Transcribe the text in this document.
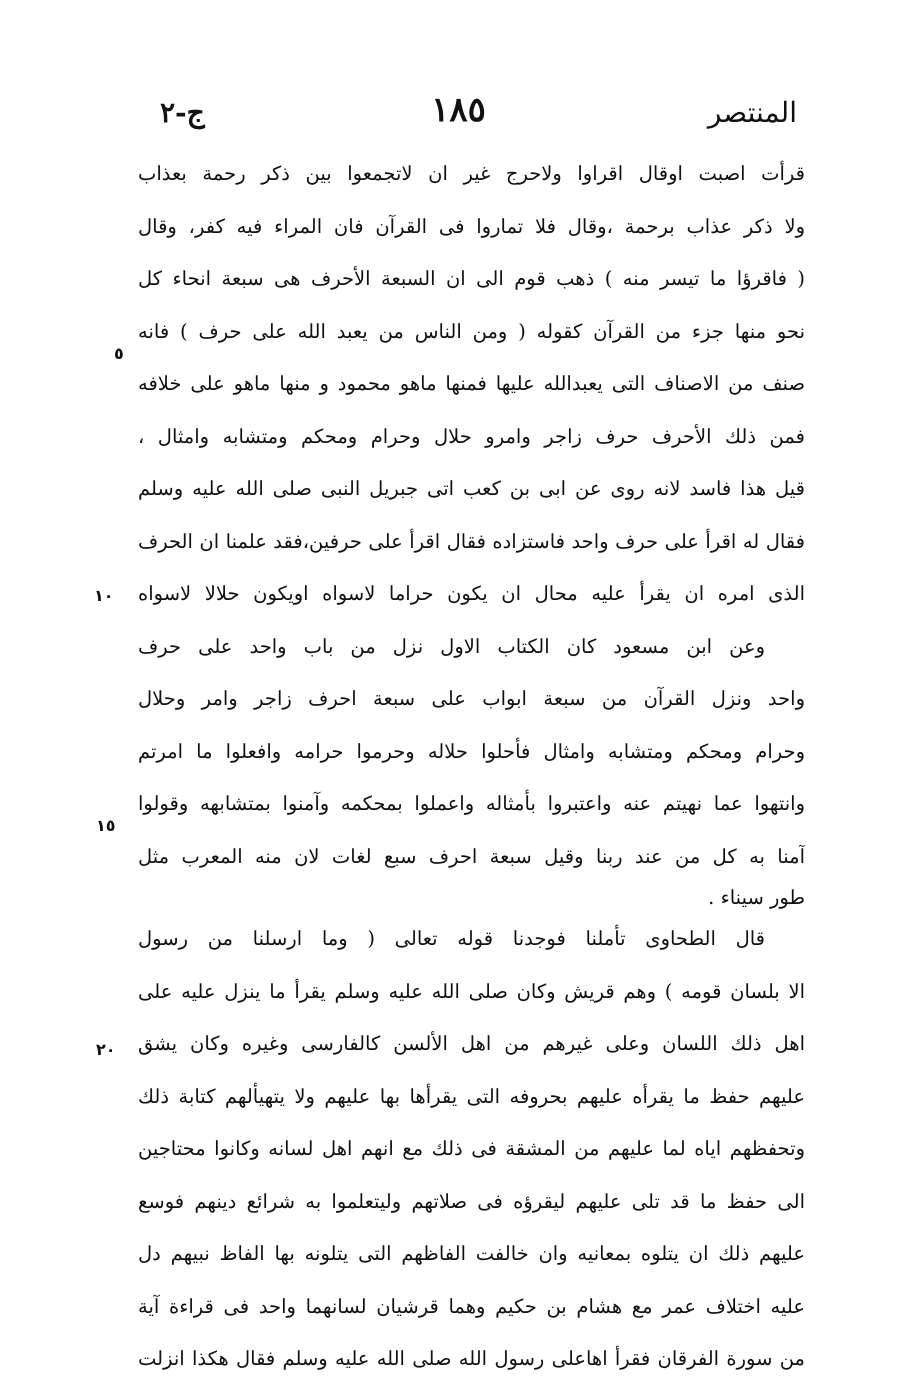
المنتصر
١٨٥
ج-٢
قرأت اصبت اوقال اقراوا ولاحرج غير ان لاتجمعوا بين ذكر رحمة بعذاب
ولا ذكر عذاب برحمة ،وقال فلا تماروا فى القرآن فان المراء فيه كفر، وقال
( فاقرؤا ما تيسر منه ) ذهب قوم الى ان السبعة الأحرف هى سبعة انحاء كل
نحو منها جزء من القرآن كقوله ( ومن الناس من يعبد الله على حرف ) فانه
صنف من الاصناف التى يعبدالله عليها فمنها ماهو محمود و منها ماهو على خلافه
فمن ذلك الأحرف حرف زاجر وامرو حلال وحرام ومحكم ومتشابه وامثال ،
قيل هذا فاسد لانه روى عن ابى بن كعب اتى جبريل النبى صلى الله عليه وسلم
فقال له اقرأ على حرف واحد فاستزاده فقال اقرأ على حرفين،فقد علمنا ان الحرف
الذى امره ان يقرأ عليه محال ان يكون حراما لاسواه اويكون حلالا لاسواه
وعن ابن مسعود كان الكتاب الاول نزل من باب واحد على حرف
واحد ونزل القرآن من سبعة ابواب على سبعة احرف زاجر وامر وحلال
وحرام ومحكم ومتشابه وامثال فأحلوا حلاله وحرموا حرامه وافعلوا ما امرتم
وانتهوا عما نهيتم عنه واعتبروا بأمثاله واعملوا بمحكمه وآمنوا بمتشابهه وقولوا
آمنا به كل من عند ربنا وقيل سبعة احرف سبع لغات لان منه المعرب مثل
طور سيناء .
قال الطحاوى تأملنا فوجدنا قوله تعالى ( وما ارسلنا من رسول
الا بلسان قومه ) وهم قريش وكان صلى الله عليه وسلم يقرأ ما ينزل عليه على
اهل ذلك اللسان وعلى غيرهم من اهل الألسن كالفارسى وغيره وكان يشق
عليهم حفظ ما يقرأه عليهم بحروفه التى يقرأها بها عليهم ولا يتهيألهم كتابة ذلك
وتحفظهم اياه لما عليهم من المشقة فى ذلك مع انهم اهل لسانه وكانوا محتاجين
الى حفظ ما قد تلى عليهم ليقرؤه فى صلاتهم وليتعلموا به شرائع دينهم فوسع
عليهم ذلك ان يتلوه بمعانيه وان خالفت الفاظهم التى يتلونه بها الفاظ نبيهم دل
عليه اختلاف عمر مع هشام بن حكيم وهما قرشيان لسانهما واحد فى قراءة آية
من سورة الفرقان فقرأ اهاعلى رسول الله صلى الله عليه وسلم فقال هكذا انزلت
٥
١٠
١٥
٢٠
